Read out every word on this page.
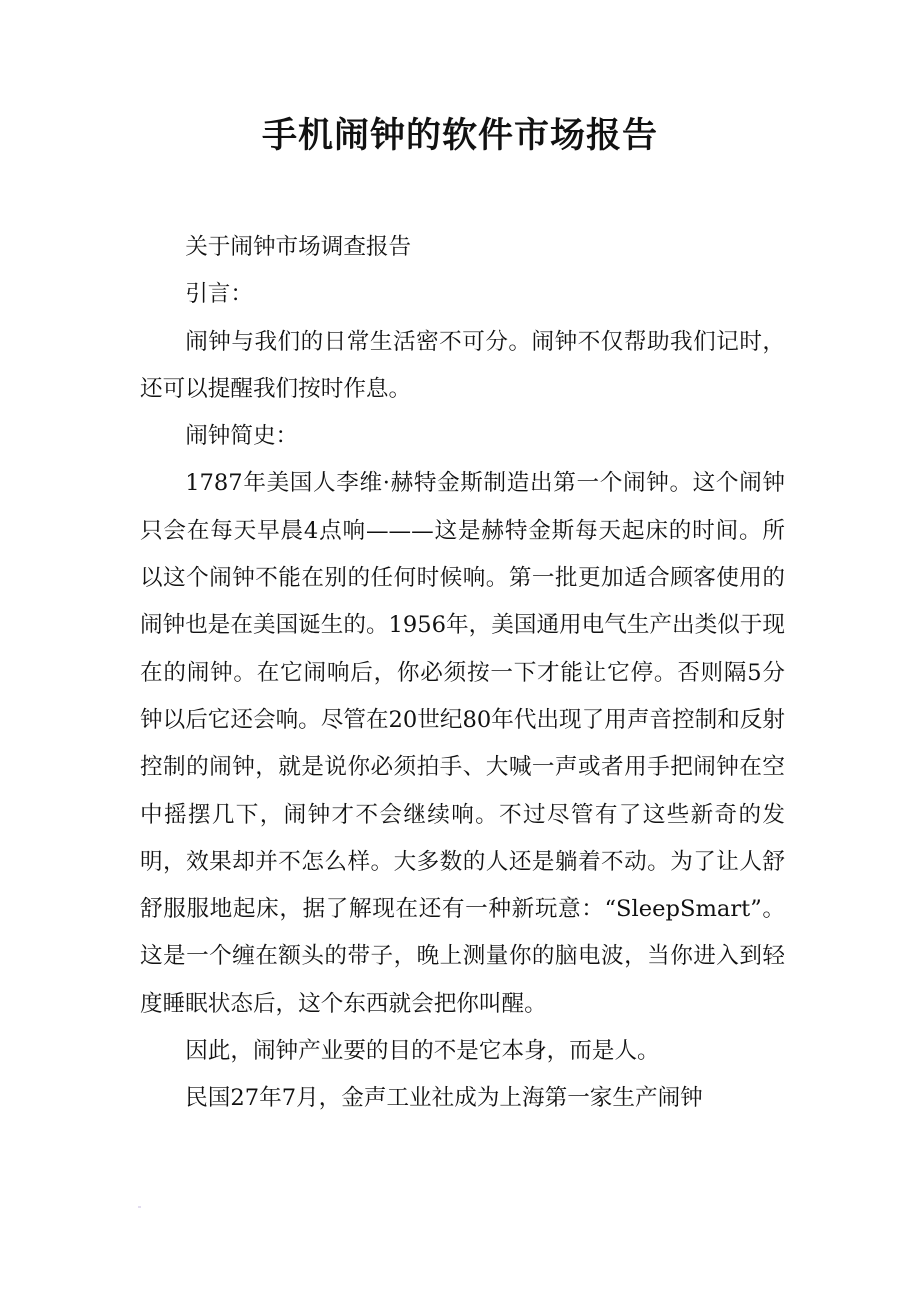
手机闹钟的软件市场报告

关于闹钟市场调查报告

引言：

闹钟与我们的日常生活密不可分。闹钟不仅帮助我们记时，还可以提醒我们按时作息。

闹钟简史：

1787年美国人李维·赫特金斯制造出第一个闹钟。这个闹钟只会在每天早晨4点响———这是赫特金斯每天起床的时间。所以这个闹钟不能在别的任何时候响。第一批更加适合顾客使用的闹钟也是在美国诞生的。1956年，美国通用电气生产出类似于现在的闹钟。在它闹响后，你必须按一下才能让它停。否则隔5分钟以后它还会响。尽管在20世纪80年代出现了用声音控制和反射控制的闹钟，就是说你必须拍手、大喊一声或者用手把闹钟在空中摇摆几下，闹钟才不会继续响。不过尽管有了这些新奇的发明，效果却并不怎么样。大多数的人还是躺着不动。为了让人舒舒服服地起床，据了解现在还有一种新玩意：“SleepSmart”。这是一个缠在额头的带子，晚上测量你的脑电波，当你进入到轻度睡眠状态后，这个东西就会把你叫醒。

因此，闹钟产业要的目的不是它本身，而是人。

民国27年7月，金声工业社成为上海第一家生产闹钟
